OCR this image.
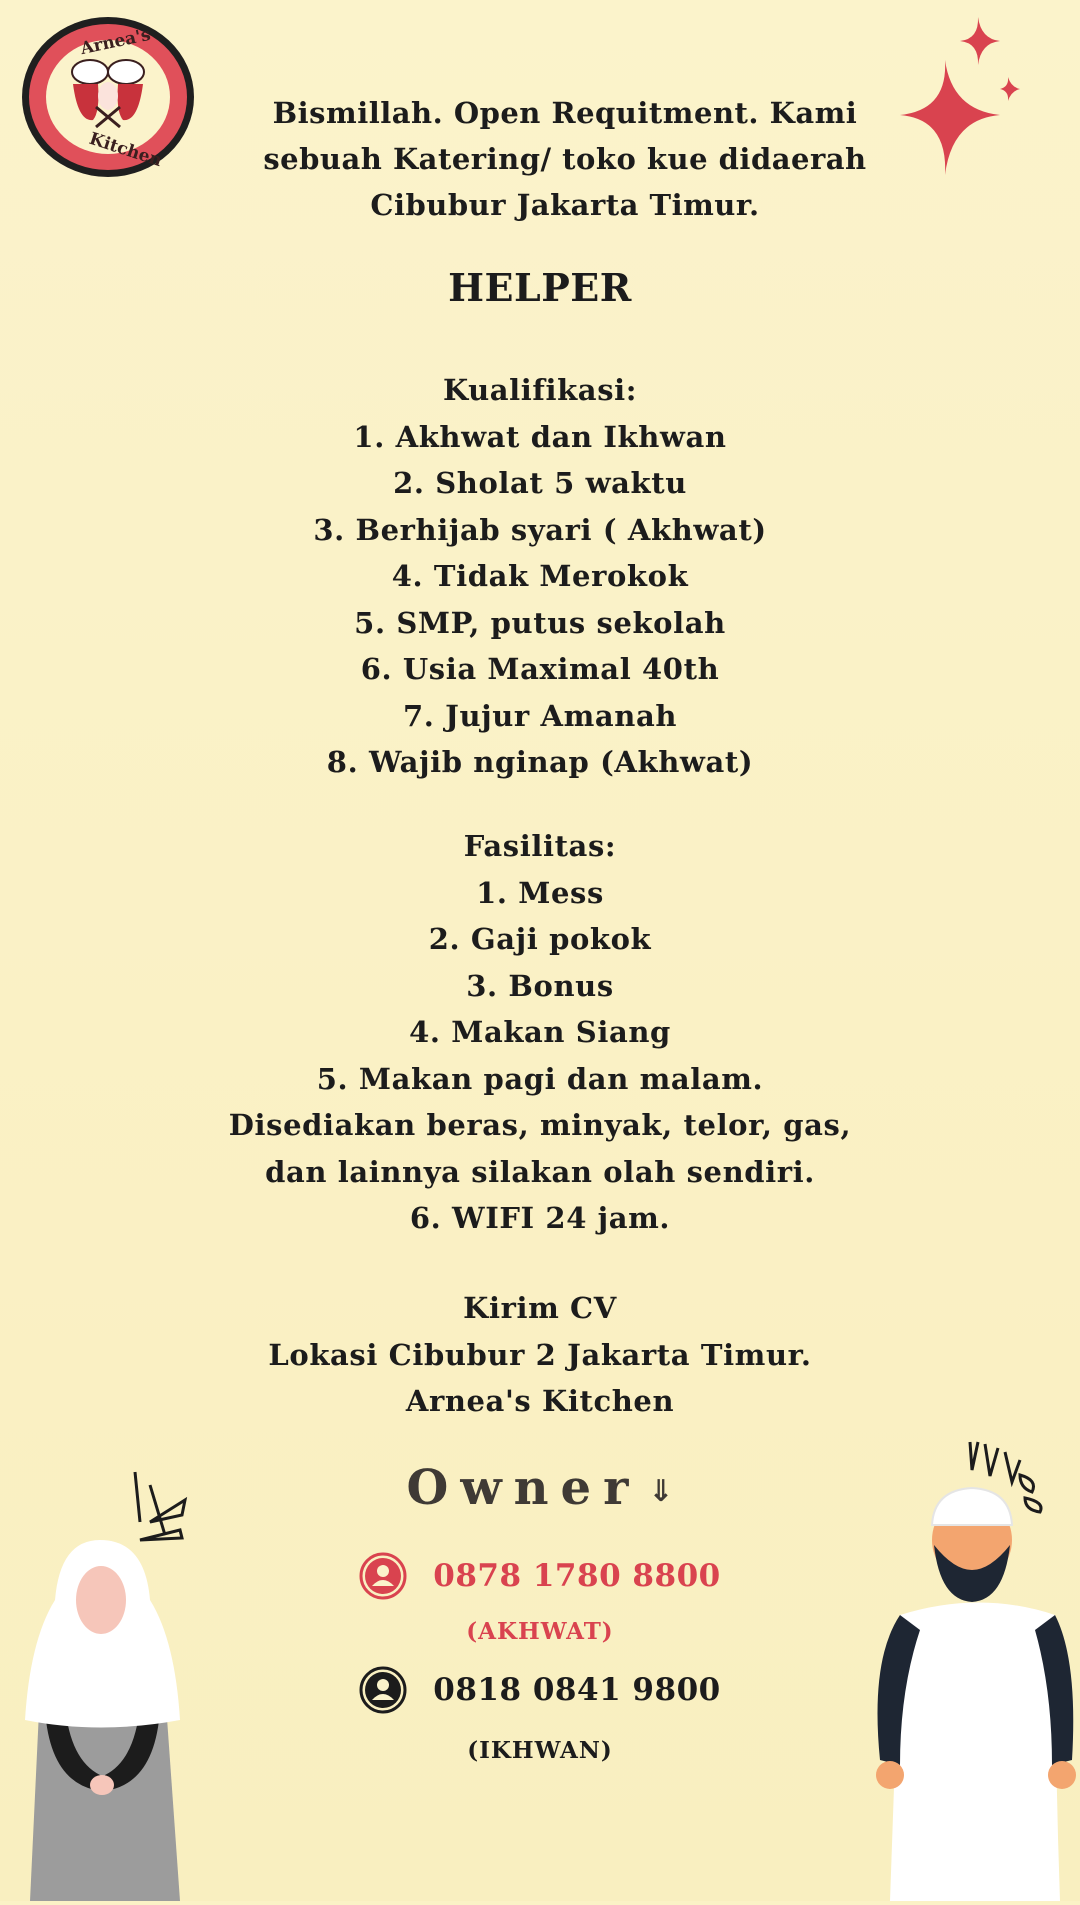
Arnea's
Kitchen
Bismillah. Open Requitment. Kami
sebuah Katering/ toko kue didaerah
Cibubur Jakarta Timur.
HELPER
Kualifikasi:
1. Akhwat dan Ikhwan
2. Sholat 5 waktu
3. Berhijab syari ( Akhwat)
4. Tidak Merokok
5. SMP, putus sekolah
6. Usia Maximal 40th
7. Jujur Amanah
8. Wajib nginap (Akhwat)
Fasilitas:
1. Mess
2. Gaji pokok
3. Bonus
4. Makan Siang
5. Makan pagi dan malam.
Disediakan beras, minyak, telor, gas,
dan lainnya silakan olah sendiri.
6. WIFI 24 jam.
Kirim CV
Lokasi Cibubur 2 Jakarta Timur.
Arnea's Kitchen
Owner ⇓
0878 1780 8800
(AKHWAT)
0818 0841 9800
(IKHWAN)
